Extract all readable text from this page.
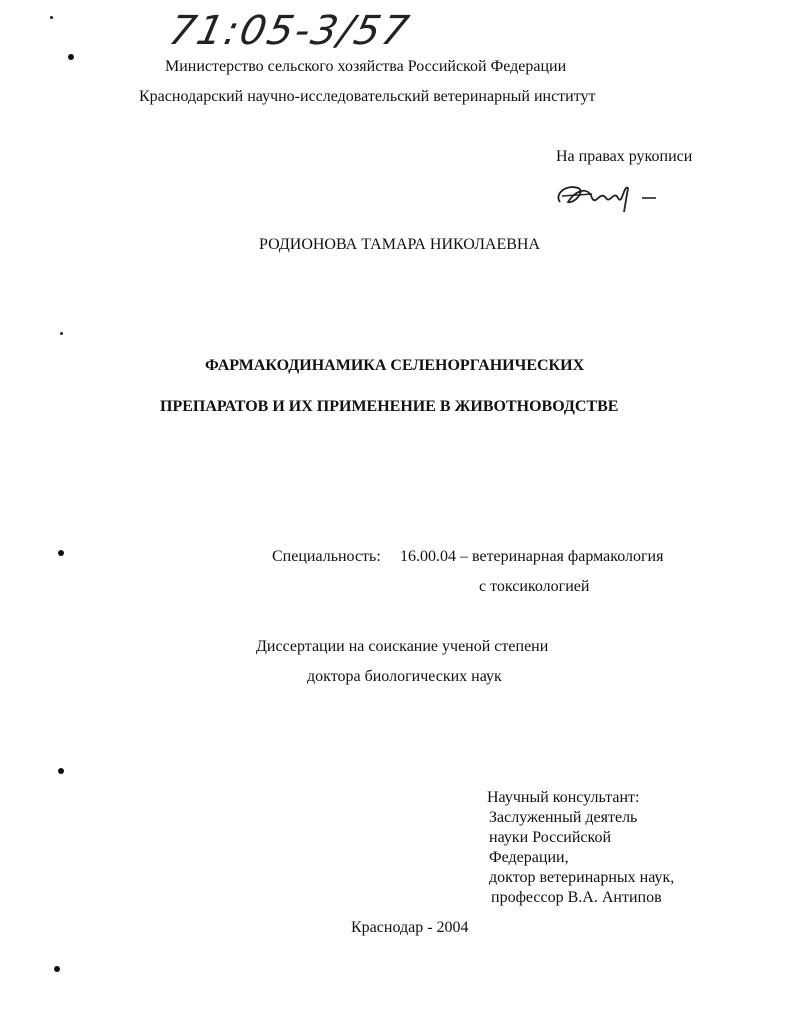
71:05-3/57
Министерство сельского хозяйства Российской Федерации
Краснодарский научно-исследовательский ветеринарный институт
На правах рукописи
РОДИОНОВА ТАМАРА НИКОЛАЕВНА
ФАРМАКОДИНАМИКА СЕЛЕНОРГАНИЧЕСКИХ
ПРЕПАРАТОВ И ИХ ПРИМЕНЕНИЕ В ЖИВОТНОВОДСТВЕ
Специальность: 16.00.04 – ветеринарная фармакология
с токсикологией
Диссертации на соискание ученой степени
доктора биологических наук
Научный консультант:
Заслуженный деятель
науки Российской
Федерации,
доктор ветеринарных наук,
профессор В.А. Антипов
Краснодар - 2004
